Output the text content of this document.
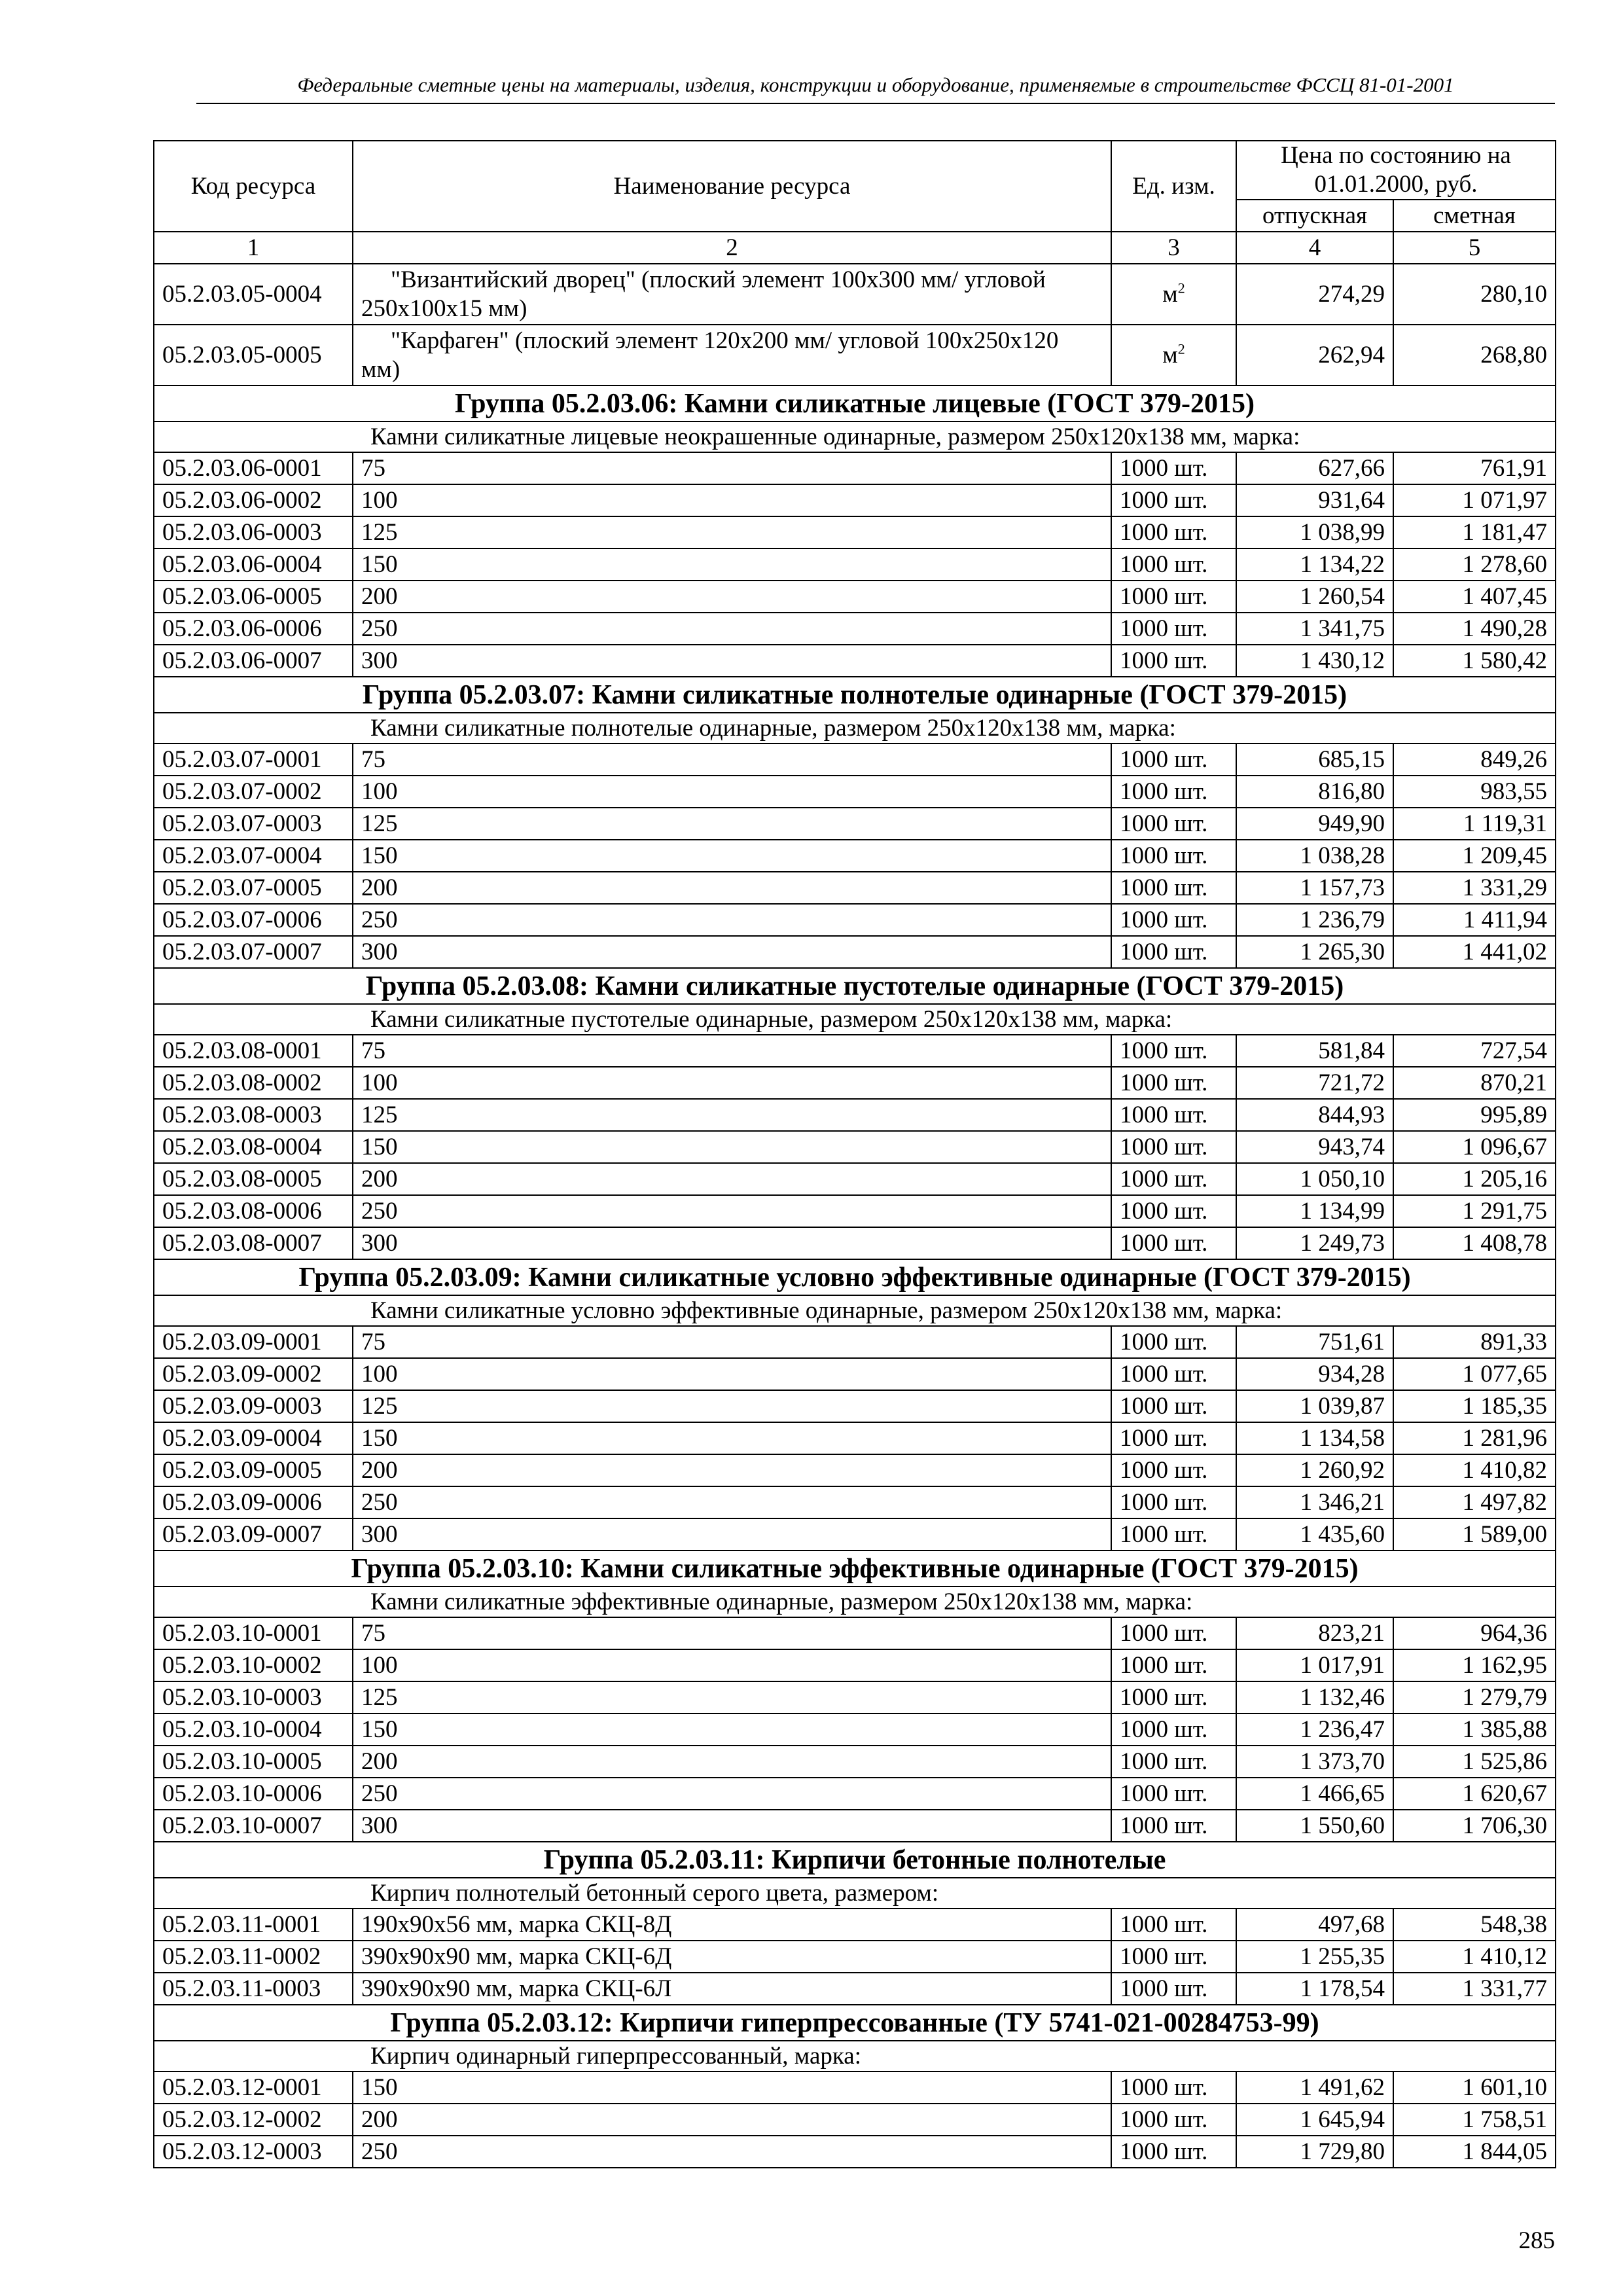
Федеральные сметные цены на материалы, изделия, конструкции и оборудование, применяемые в строительстве ФССЦ 81-01-2001
Код ресурса	Наименование ресурса	Ед. изм.	Цена по состоянию на 01.01.2000, руб.	
			отпускная	сметная
1	2	3	4	5
05.2.03.05-0004	"Византийский дворец" (плоский элемент 100х300 мм/ угловой 250х100х15 мм)	$м^2$	274,29	280,10
05.2.03.05-0005	"Карфаген" (плоский элемент 120х200 мм/ угловой 100х250х120 мм)	$м^2$	262,94	268,80
Группа 05.2.03.06: Камни силикатные лицевые (ГОСТ 379-2015)				
Камни силикатные лицевые неокрашенные одинарные, размером 250х120х138 мм, марка:				
05.2.03.06-0001	75	1000 шт.	627,66	761,91
05.2.03.06-0002	100	1000 шт.	931,64	1 071,97
05.2.03.06-0003	125	1000 шт.	1 038,99	1 181,47
05.2.03.06-0004	150	1000 шт.	1 134,22	1 278,60
05.2.03.06-0005	200	1000 шт.	1 260,54	1 407,45
05.2.03.06-0006	250	1000 шт.	1 341,75	1 490,28
05.2.03.06-0007	300	1000 шт.	1 430,12	1 580,42
Группа 05.2.03.07: Камни силикатные полнотелые одинарные (ГОСТ 379-2015)				
Камни силикатные полнотелые одинарные, размером 250х120х138 мм, марка:				
05.2.03.07-0001	75	1000 шт.	685,15	849,26
05.2.03.07-0002	100	1000 шт.	816,80	983,55
05.2.03.07-0003	125	1000 шт.	949,90	1 119,31
05.2.03.07-0004	150	1000 шт.	1 038,28	1 209,45
05.2.03.07-0005	200	1000 шт.	1 157,73	1 331,29
05.2.03.07-0006	250	1000 шт.	1 236,79	1 411,94
05.2.03.07-0007	300	1000 шт.	1 265,30	1 441,02
Группа 05.2.03.08: Камни силикатные пустотелые одинарные (ГОСТ 379-2015)				
Камни силикатные пустотелые одинарные, размером 250х120х138 мм, марка:				
05.2.03.08-0001	75	1000 шт.	581,84	727,54
05.2.03.08-0002	100	1000 шт.	721,72	870,21
05.2.03.08-0003	125	1000 шт.	844,93	995,89
05.2.03.08-0004	150	1000 шт.	943,74	1 096,67
05.2.03.08-0005	200	1000 шт.	1 050,10	1 205,16
05.2.03.08-0006	250	1000 шт.	1 134,99	1 291,75
05.2.03.08-0007	300	1000 шт.	1 249,73	1 408,78
Группа 05.2.03.09: Камни силикатные условно эффективные одинарные (ГОСТ 379-2015)				
Камни силикатные условно эффективные одинарные, размером 250х120х138 мм, марка:				
05.2.03.09-0001	75	1000 шт.	751,61	891,33
05.2.03.09-0002	100	1000 шт.	934,28	1 077,65
05.2.03.09-0003	125	1000 шт.	1 039,87	1 185,35
05.2.03.09-0004	150	1000 шт.	1 134,58	1 281,96
05.2.03.09-0005	200	1000 шт.	1 260,92	1 410,82
05.2.03.09-0006	250	1000 шт.	1 346,21	1 497,82
05.2.03.09-0007	300	1000 шт.	1 435,60	1 589,00
Группа 05.2.03.10: Камни силикатные эффективные одинарные (ГОСТ 379-2015)				
Камни силикатные эффективные одинарные, размером 250х120х138 мм, марка:				
05.2.03.10-0001	75	1000 шт.	823,21	964,36
05.2.03.10-0002	100	1000 шт.	1 017,91	1 162,95
05.2.03.10-0003	125	1000 шт.	1 132,46	1 279,79
05.2.03.10-0004	150	1000 шт.	1 236,47	1 385,88
05.2.03.10-0005	200	1000 шт.	1 373,70	1 525,86
05.2.03.10-0006	250	1000 шт.	1 466,65	1 620,67
05.2.03.10-0007	300	1000 шт.	1 550,60	1 706,30
Группа 05.2.03.11: Кирпичи бетонные полнотелые				
Кирпич полнотелый бетонный серого цвета, размером:				
05.2.03.11-0001	190х90х56 мм, марка СКЦ-8Д	1000 шт.	497,68	548,38
05.2.03.11-0002	390х90х90 мм, марка СКЦ-6Д	1000 шт.	1 255,35	1 410,12
05.2.03.11-0003	390х90х90 мм, марка СКЦ-6Л	1000 шт.	1 178,54	1 331,77
Группа 05.2.03.12: Кирпичи гиперпрессованные (ТУ 5741-021-00284753-99)				
Кирпич одинарный гиперпрессованный, марка:				
05.2.03.12-0001	150	1000 шт.	1 491,62	1 601,10
05.2.03.12-0002	200	1000 шт.	1 645,94	1 758,51
05.2.03.12-0003	250	1000 шт.	1 729,80	1 844,05
285
